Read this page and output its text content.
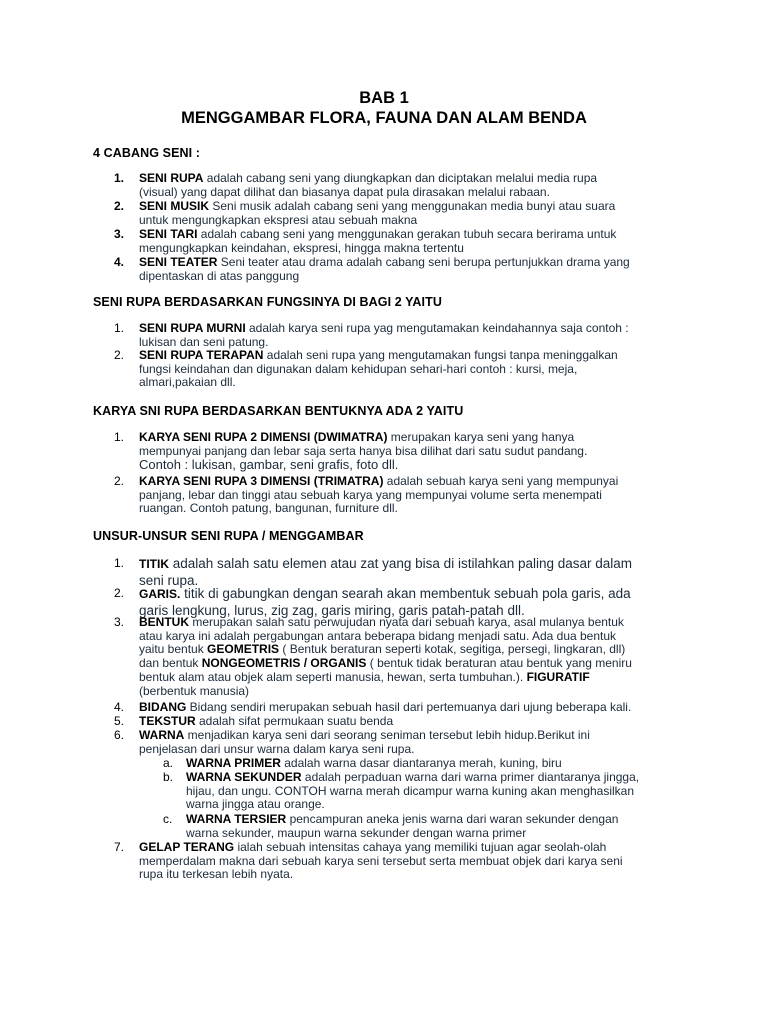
BAB 1
MENGGAMBAR FLORA, FAUNA DAN ALAM BENDA
4 CABANG SENI :
1.	SENI RUPA adalah cabang seni yang diungkapkan dan diciptakan melalui media rupa
(visual) yang dapat dilihat dan biasanya dapat pula dirasakan melalui rabaan.
2.	SENI MUSIK Seni musik adalah cabang seni yang menggunakan media bunyi atau suara
untuk mengungkapkan ekspresi atau sebuah makna
3.	SENI TARI adalah cabang seni yang menggunakan gerakan tubuh secara berirama untuk
mengungkapkan keindahan, ekspresi, hingga makna tertentu
4.	SENI TEATER Seni teater atau drama adalah cabang seni berupa pertunjukkan drama yang
dipentaskan di atas panggung
SENI RUPA BERDASARKAN FUNGSINYA DI BAGI 2 YAITU
1.	SENI RUPA MURNI adalah karya seni rupa yag mengutamakan keindahannya saja contoh :
lukisan dan seni patung.
2.	SENI RUPA TERAPAN adalah seni rupa yang mengutamakan fungsi tanpa meninggalkan
fungsi keindahan dan digunakan dalam kehidupan sehari-hari contoh : kursi, meja,
almari,pakaian dll.
KARYA SNI RUPA BERDASARKAN BENTUKNYA ADA 2 YAITU
1.	KARYA SENI RUPA 2 DIMENSI (DWIMATRA) merupakan karya seni yang hanya
mempunyai panjang dan lebar saja serta hanya bisa dilihat dari satu sudut pandang.
Contoh : lukisan, gambar, seni grafis, foto dll.
2.	KARYA SENI RUPA 3 DIMENSI (TRIMATRA) adalah sebuah karya seni yang mempunyai
panjang, lebar dan tinggi atau sebuah karya yang mempunyai volume serta menempati
ruangan. Contoh patung, bangunan, furniture dll.
UNSUR-UNSUR SENI RUPA / MENGGAMBAR
1.	TITIK adalah salah satu elemen atau zat yang bisa di istilahkan paling dasar dalam
seni rupa.
2.	GARIS. titik di gabungkan dengan searah akan membentuk sebuah pola garis, ada
garis lengkung, lurus, zig zag, garis miring, garis patah-patah dll.
3.	BENTUK merupakan salah satu perwujudan nyata dari sebuah karya, asal mulanya bentuk
atau karya ini adalah pergabungan antara beberapa bidang menjadi satu. Ada dua bentuk
yaitu bentuk GEOMETRIS ( Bentuk beraturan seperti kotak, segitiga, persegi, lingkaran, dll)
dan bentuk NONGEOMETRIS / ORGANIS ( bentuk tidak beraturan atau bentuk yang meniru
bentuk alam atau objek alam seperti manusia, hewan, serta tumbuhan.). FIGURATIF
(berbentuk manusia)
4.	BIDANG Bidang sendiri merupakan sebuah hasil dari pertemuanya dari ujung beberapa kali.
5.	TEKSTUR adalah sifat permukaan suatu benda
6.	WARNA menjadikan karya seni dari seorang seniman tersebut lebih hidup.Berikut ini
penjelasan dari unsur warna dalam karya seni rupa.
a. WARNA PRIMER adalah warna dasar diantaranya merah, kuning, biru
b. WARNA SEKUNDER adalah perpaduan warna dari warna primer diantaranya jingga,
hijau, dan ungu. CONTOH warna merah dicampur warna kuning akan menghasilkan
warna jingga atau orange.
c. WARNA TERSIER pencampuran aneka jenis warna dari waran sekunder dengan
warna sekunder, maupun warna sekunder dengan warna primer
7.	GELAP TERANG ialah sebuah intensitas cahaya yang memiliki tujuan agar seolah-olah
memperdalam makna dari sebuah karya seni tersebut serta membuat objek dari karya seni
rupa itu terkesan lebih nyata.
